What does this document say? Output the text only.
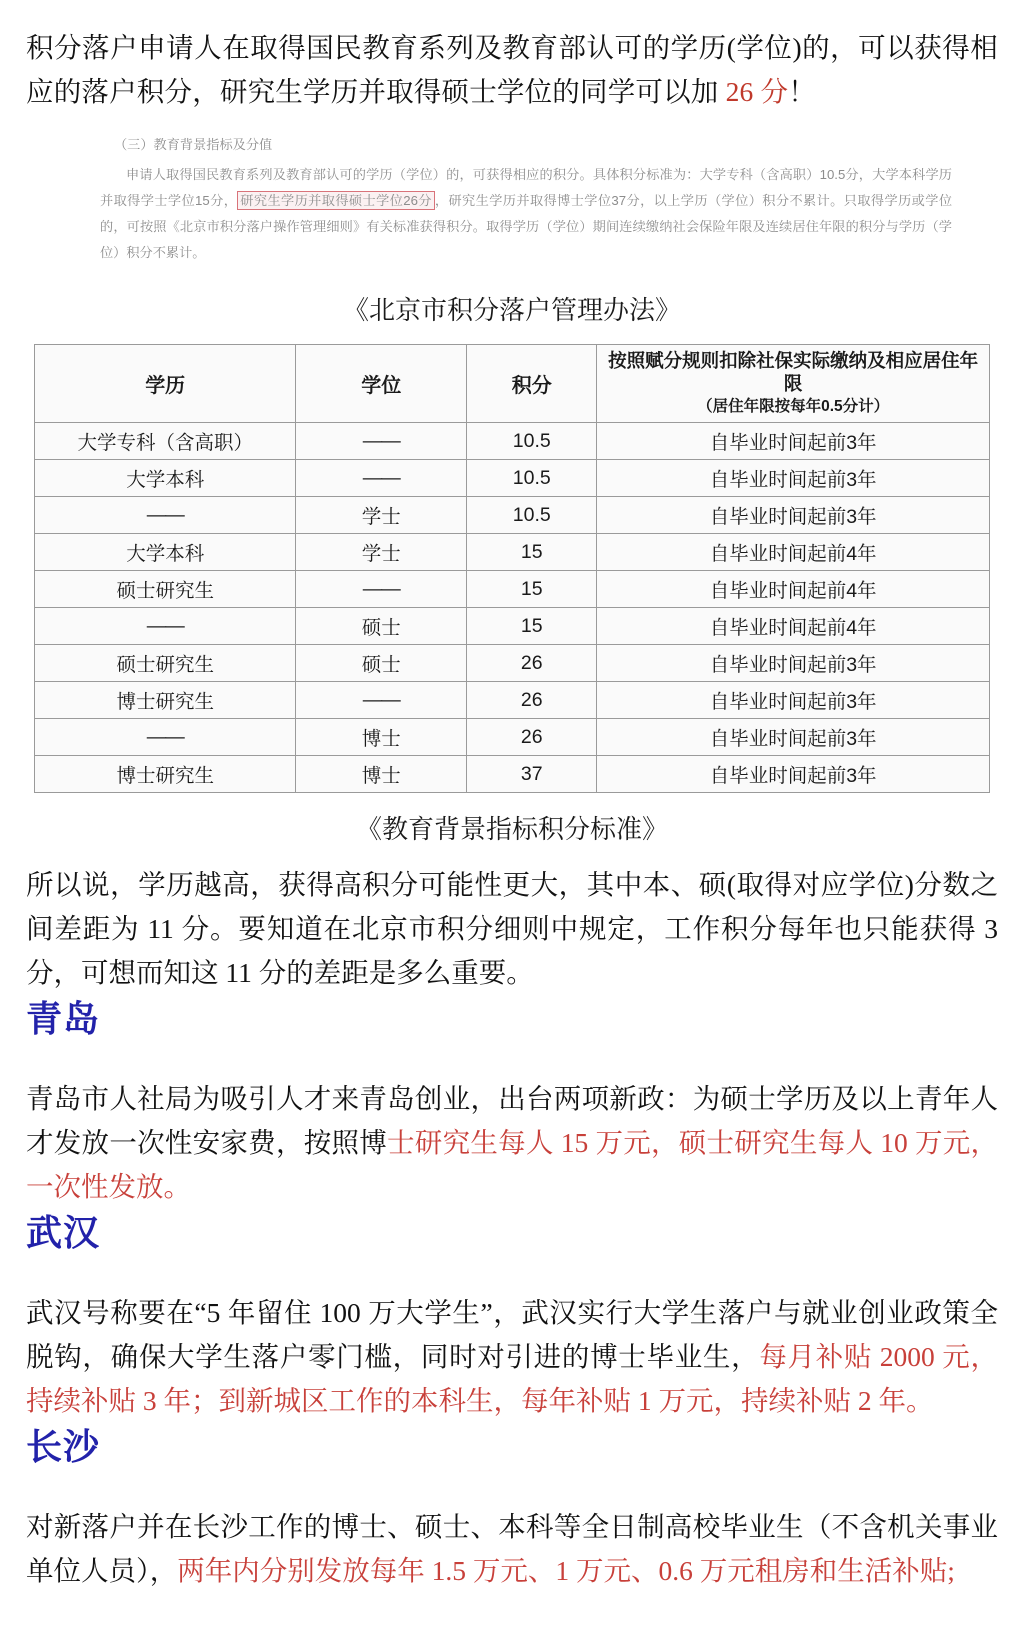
积分落户申请人在取得国民教育系列及教育部认可的学历(学位)的，可以获得相应的落户积分，研究生学历并取得硕士学位的同学可以加 26 分！

（三）教育背景指标及分值
申请人取得国民教育系列及教育部认可的学历（学位）的，可获得相应的积分。具体积分标准为：大学专科（含高职）10.5分，大学本科学历并取得学士学位15分， 研究生学历并取得硕士学位26分 ，研究生学历并取得博士学位37分，以上学历（学位）积分不累计。只取得学历或学位的，可按照《北京市积分落户操作管理细则》有关标准获得积分。取得学历（学位）期间连续缴纳社会保险年限及连续居住年限的积分与学历（学位）积分不累计。
《北京市积分落户管理办法》
学历	学位	积分	按照赋分规则扣除社保实际缴纳及相应居住年限
（居住年限按每年0.5分计）

大学专科（含高职）	——	10.5	自毕业时间起前3年
大学本科	——	10.5	自毕业时间起前3年
——	学士	10.5	自毕业时间起前3年
大学本科	学士	15	自毕业时间起前4年
硕士研究生	——	15	自毕业时间起前4年
——	硕士	15	自毕业时间起前4年
硕士研究生	硕士	26	自毕业时间起前3年
博士研究生	——	26	自毕业时间起前3年
——	博士	26	自毕业时间起前3年
博士研究生	博士	37	自毕业时间起前3年
《教育背景指标积分标准》

所以说，学历越高，获得高积分可能性更大，其中本、硕(取得对应学位)分数之间差距为 11 分。要知道在北京市积分细则中规定，工作积分每年也只能获得 3 分，可想而知这 11 分的差距是多么重要。

青岛

青岛市人社局为吸引人才来青岛创业，出台两项新政：为硕士学历及以上青年人才发放一次性安家费，按照博士研究生每人 15 万元，硕士研究生每人 10 万元，一次性发放。

武汉

武汉号称要在“5 年留住 100 万大学生”，武汉实行大学生落户与就业创业政策全脱钩，确保大学生落户零门槛，同时对引进的博士毕业生，每月补贴 2000 元，持续补贴 3 年；到新城区工作的本科生，每年补贴 1 万元，持续补贴 2 年。

长沙

对新落户并在长沙工作的博士、硕士、本科等全日制高校毕业生（不含机关事业单位人员），两年内分别发放每年 1.5 万元、1 万元、0.6 万元租房和生活补贴;
